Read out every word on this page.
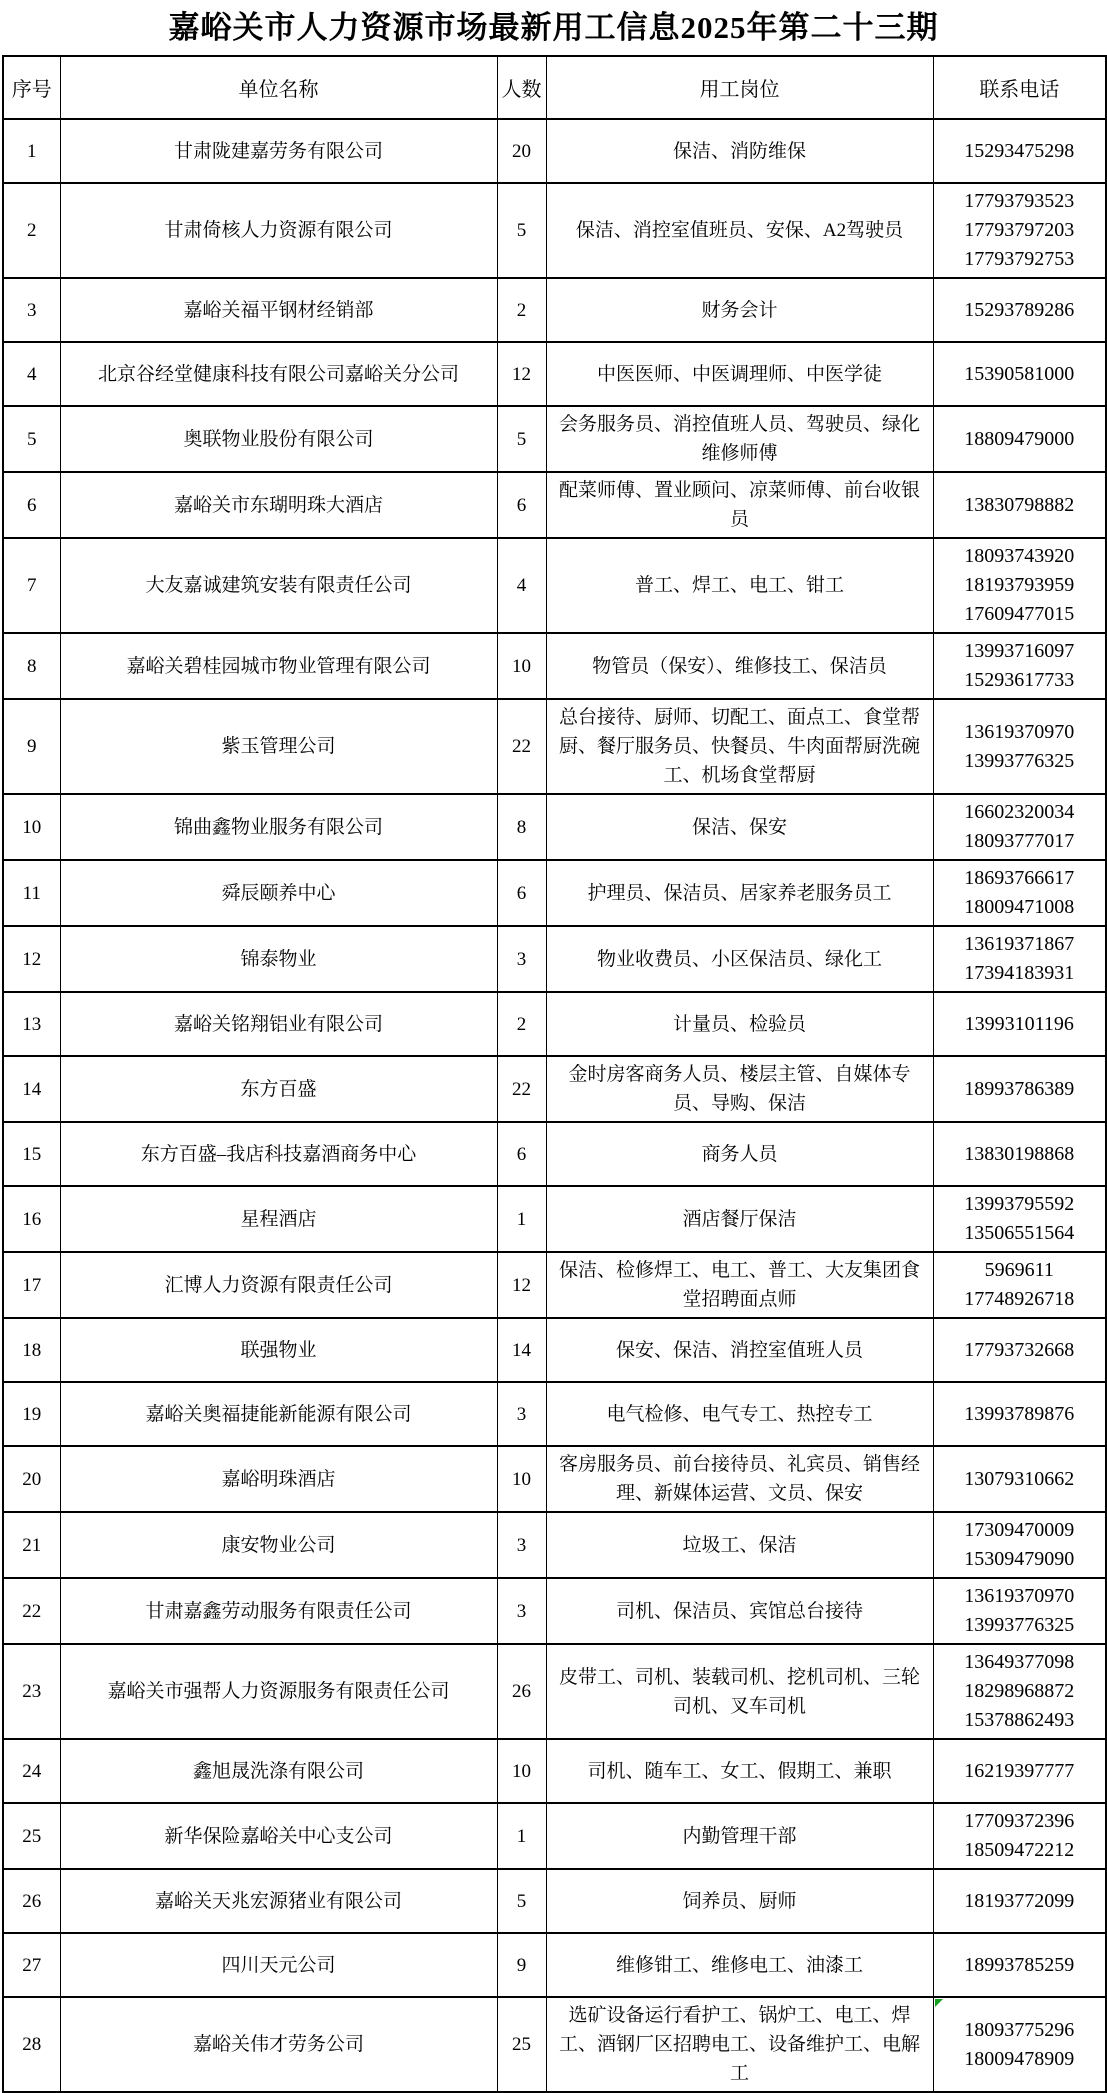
嘉峪关市人力资源市场最新用工信息2025年第二十三期
序号	单位名称	人数	用工岗位	联系电话
1	甘肃陇建嘉劳务有限公司	20	保洁、消防维保	15293475298

2	甘肃倚核人力资源有限公司	5	保洁、消控室值班员、安保、A2驾驶员	17793793523
17793797203
17793792753

3	嘉峪关福平钢材经销部	2	财务会计	15293789286

4	北京谷经堂健康科技有限公司嘉峪关分公司	12	中医医师、中医调理师、中医学徒	15390581000

5	奥联物业股份有限公司	5	会务服务员、消控值班人员、驾驶员、绿化维修师傅	18809479000

6	嘉峪关市东瑚明珠大酒店	6	配菜师傅、置业顾问、凉菜师傅、前台收银员	13830798882

7	大友嘉诚建筑安装有限责任公司	4	普工、焊工、电工、钳工	18093743920
18193793959
17609477015

8	嘉峪关碧桂园城市物业管理有限公司	10	物管员（保安）、维修技工、保洁员	13993716097
15293617733

9	紫玉管理公司	22	总台接待、厨师、切配工、面点工、食堂帮厨、餐厅服务员、快餐员、牛肉面帮厨洗碗工、机场食堂帮厨	13619370970
13993776325

10	锦曲鑫物业服务有限公司	8	保洁、保安	16602320034
18093777017

11	舜辰颐养中心	6	护理员、保洁员、居家养老服务员工	18693766617
18009471008

12	锦泰物业	3	物业收费员、小区保洁员、绿化工	13619371867
17394183931

13	嘉峪关铭翔铝业有限公司	2	计量员、检验员	13993101196

14	东方百盛	22	金时房客商务人员、楼层主管、自媒体专员、导购、保洁	18993786389

15	东方百盛–我店科技嘉酒商务中心	6	商务人员	13830198868

16	星程酒店	1	酒店餐厅保洁	13993795592
13506551564

17	汇博人力资源有限责任公司	12	保洁、检修焊工、电工、普工、大友集团食堂招聘面点师	5969611
17748926718

18	联强物业	14	保安、保洁、消控室值班人员	17793732668

19	嘉峪关奥福捷能新能源有限公司	3	电气检修、电气专工、热控专工	13993789876

20	嘉峪明珠酒店	10	客房服务员、前台接待员、礼宾员、销售经理、新媒体运营、文员、保安	13079310662

21	康安物业公司	3	垃圾工、保洁	17309470009
15309479090

22	甘肃嘉鑫劳动服务有限责任公司	3	司机、保洁员、宾馆总台接待	13619370970
13993776325

23	嘉峪关市强帮人力资源服务有限责任公司	26	皮带工、司机、装载司机、挖机司机、三轮司机、叉车司机	13649377098
18298968872
15378862493

24	鑫旭晟洗涤有限公司	10	司机、随车工、女工、假期工、兼职	16219397777

25	新华保险嘉峪关中心支公司	1	内勤管理干部	17709372396
18509472212

26	嘉峪关天兆宏源猪业有限公司	5	饲养员、厨师	18193772099

27	四川天元公司	9	维修钳工、维修电工、油漆工	18993785259

28	嘉峪关伟才劳务公司	25	选矿设备运行看护工、锅炉工、电工、焊工、酒钢厂区招聘电工、设备维护工、电解工	18093775296
18009478909
